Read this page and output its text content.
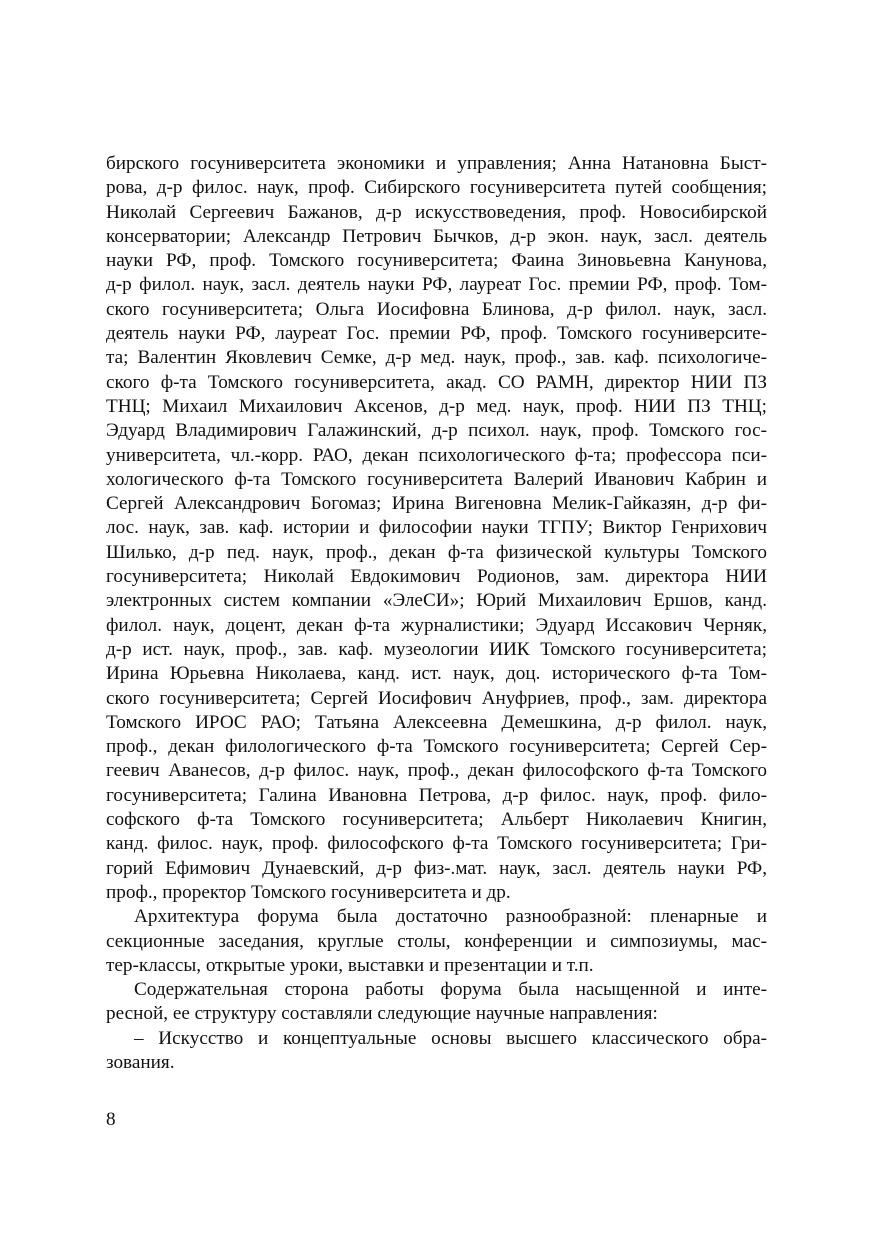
бирского госуниверситета экономики и управления; Анна Натановна Быст-
рова, д-р филос. наук, проф. Сибирского госуниверситета путей сообщения;
Николай Сергеевич Бажанов, д-р искусствоведения, проф. Новосибирской
консерватории; Александр Петрович Бычков, д-р экон. наук, засл. деятель
науки РФ, проф. Томского госуниверситета; Фаина Зиновьевна Канунова,
д-р филол. наук, засл. деятель науки РФ, лауреат Гос. премии РФ, проф. Том-
ского госуниверситета; Ольга Иосифовна Блинова, д-р филол. наук, засл.
деятель науки РФ, лауреат Гос. премии РФ, проф. Томского госуниверсите-
та; Валентин Яковлевич Семке, д-р мед. наук, проф., зав. каф. психологиче-
ского ф-та Томского госуниверситета, акад. СО РАМН, директор НИИ ПЗ
ТНЦ; Михаил Михаилович Аксенов, д-р мед. наук, проф. НИИ ПЗ ТНЦ;
Эдуард Владимирович Галажинский, д-р психол. наук, проф. Томского гос-
университета, чл.-корр. РАО, декан психологического ф-та; профессора пси-
хологического ф-та Томского госуниверситета Валерий Иванович Кабрин и
Сергей Александрович Богомаз; Ирина Вигеновна Мелик-Гайказян, д-р фи-
лос. наук, зав. каф. истории и философии науки ТГПУ; Виктор Генрихович
Шилько, д-р пед. наук, проф., декан ф-та физической культуры Томского
госуниверситета; Николай Евдокимович Родионов, зам. директора НИИ
электронных систем компании «ЭлеСИ»; Юрий Михаилович Ершов, канд.
филол. наук, доцент, декан ф-та журналистики; Эдуард Иссакович Черняк,
д-р ист. наук, проф., зав. каф. музеологии ИИК Томского госуниверситета;
Ирина Юрьевна Николаева, канд. ист. наук, доц. исторического ф-та Том-
ского госуниверситета; Сергей Иосифович Ануфриев, проф., зам. директора
Томского ИРОС РАО; Татьяна Алексеевна Демешкина, д-р филол. наук,
проф., декан филологического ф-та Томского госуниверситета; Сергей Сер-
геевич Аванесов, д-р филос. наук, проф., декан философского ф-та Томского
госуниверситета; Галина Ивановна Петрова, д-р филос. наук, проф. фило-
софского ф-та Томского госуниверситета; Альберт Николаевич Книгин,
канд. филос. наук, проф. философского ф-та Томского госуниверситета; Гри-
горий Ефимович Дунаевский, д-р физ-.мат. наук, засл. деятель науки РФ,
проф., проректор Томского госуниверситета и др.
Архитектура форума была достаточно разнообразной: пленарные и
секционные заседания, круглые столы, конференции и симпозиумы, мас-
тер-классы, открытые уроки, выставки и презентации и т.п.
Содержательная сторона работы форума была насыщенной и инте-
ресной, ее структуру составляли следующие научные направления:
– Искусство и концептуальные основы высшего классического обра-
зования.
8
